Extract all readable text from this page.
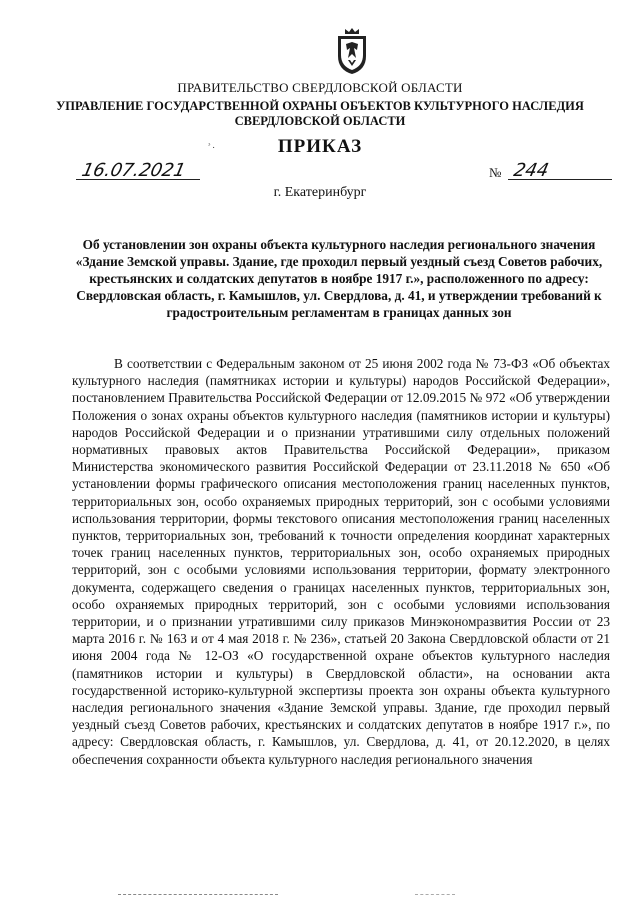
ПРАВИТЕЛЬСТВО СВЕРДЛОВСКОЙ ОБЛАСТИ
УПРАВЛЕНИЕ ГОСУДАРСТВЕННОЙ ОХРАНЫ ОБЪЕКТОВ КУЛЬТУРНОГО НАСЛЕДИЯ СВЕРДЛОВСКОЙ ОБЛАСТИ
ᵓ .	ПРИКАЗ
16.07.2021	№ 244
г. Екатеринбург
Об установлении зон охраны объекта культурного наследия регионального значения «Здание Земской управы. Здание, где проходил первый уездный съезд Советов рабочих, крестьянских и солдатских депутатов в ноябре 1917 г.», расположенного по адресу: Свердловская область, г. Камышлов, ул. Свердлова, д. 41, и утверждении требований к градостроительным регламентам в границах данных зон
В соответствии с Федеральным законом от 25 июня 2002 года № 73-ФЗ «Об объектах культурного наследия (памятниках истории и культуры) народов Российской Федерации», постановлением Правительства Российской Федерации от 12.09.2015 № 972 «Об утверждении Положения о зонах охраны объектов культурного наследия (памятников истории и культуры) народов Российской Федерации и о признании утратившими силу отдельных положений нормативных правовых актов Правительства Российской Федерации», приказом Министерства экономического развития Российской Федерации от 23.11.2018 № 650 «Об установлении формы графического описания местоположения границ населенных пунктов, территориальных зон, особо охраняемых природных территорий, зон с особыми условиями использования территории, формы текстового описания местоположения границ населенных пунктов, территориальных зон, требований к точности определения координат характерных точек границ населенных пунктов, территориальных зон, особо охраняемых природных территорий, зон с особыми условиями использования территории, формату электронного документа, содержащего сведения о границах населенных пунктов, территориальных зон, особо охраняемых природных территорий, зон с особыми условиями использования территории, и о признании утратившими силу приказов Минэкономразвития России от 23 марта 2016 г. № 163 и от 4 мая 2018 г. № 236», статьей 20 Закона Свердловской области от 21 июня 2004 года № 12-ОЗ «О государственной охране объектов культурного наследия (памятников истории и культуры) в Свердловской области», на основании акта государственной историко-культурной экспертизы проекта зон охраны объекта культурного наследия регионального значения «Здание Земской управы. Здание, где проходил первый уездный съезд Советов рабочих, крестьянских и солдатских депутатов в ноябре 1917 г.», по адресу: Свердловская область, г. Камышлов, ул. Свердлова, д. 41, от 20.12.2020, в целях обеспечения сохранности объекта культурного наследия регионального значения
